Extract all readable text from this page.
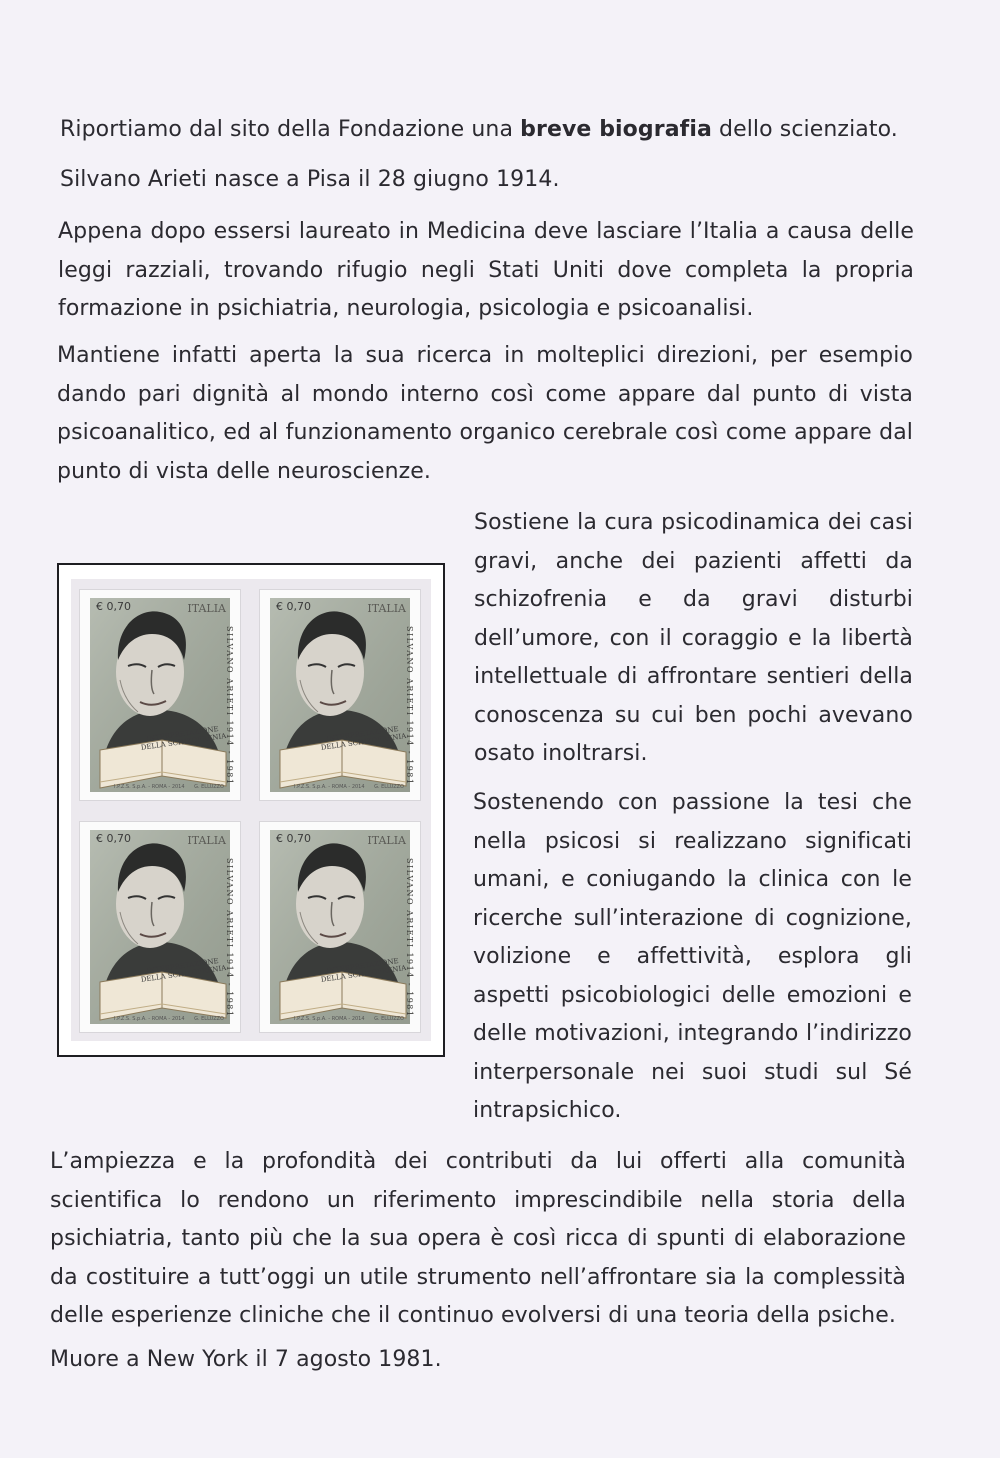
Riportiamo dal sito della Fondazione una breve biografia dello scienziato.

Silvano Arieti nasce a Pisa il 28 giugno 1914.

Appena dopo essersi laureato in Medicina deve lasciare l’Italia a causa delle leggi razziali, trovando rifugio negli Stati Uniti dove completa la propria formazione in psichiatria, neurologia, psicologia e psicoanalisi.

Mantiene infatti aperta la sua ricerca in molteplici direzioni, per esempio dando pari dignità al mondo interno così come appare dal punto di vista psicoanalitico, ed al funzionamento organico cerebrale così come appare dal punto di vista delle neuroscienze.

€ 0,70	ITALIA
SILVANO ARIETI 1914 - 1981
INTERPRETAZIONE DELLA SCHIZOFRENIA
I.P.Z.S. S.p.A. - ROMA - 2014 G. ELLUZZO
€ 0,70	ITALIA
SILVANO ARIETI 1914 - 1981
INTERPRETAZIONE DELLA SCHIZOFRENIA
I.P.Z.S. S.p.A. - ROMA - 2014 G. ELLUZZO
€ 0,70	ITALIA
SILVANO ARIETI 1914 - 1981
INTERPRETAZIONE DELLA SCHIZOFRENIA
I.P.Z.S. S.p.A. - ROMA - 2014 G. ELLUZZO
€ 0,70	ITALIA
SILVANO ARIETI 1914 - 1981
INTERPRETAZIONE DELLA SCHIZOFRENIA
I.P.Z.S. S.p.A. - ROMA - 2014 G. ELLUZZO

Sostiene la cura psicodinamica dei casi gravi, anche dei pazienti affetti da schizofrenia e da gravi disturbi dell’umore, con il coraggio e la libertà intellettuale di affrontare sentieri della conoscenza su cui ben pochi avevano osato inoltrarsi.

Sostenendo con passione la tesi che nella psicosi si realizzano significati umani, e coniugando la clinica con le ricerche sull’interazione di cognizione, volizione e affettività, esplora gli aspetti psicobiologici delle emozioni e delle motivazioni, integrando l’indirizzo interpersonale nei suoi studi sul Sé intrapsichico.

L’ampiezza e la profondità dei contributi da lui offerti alla comunità scientifica lo rendono un riferimento imprescindibile nella storia della psichiatria, tanto più che la sua opera è così ricca di spunti di elaborazione da costituire a tutt’oggi un utile strumento nell’affrontare sia la complessità delle esperienze cliniche che il continuo evolversi di una teoria della psiche.

Muore a New York il 7 agosto 1981.
